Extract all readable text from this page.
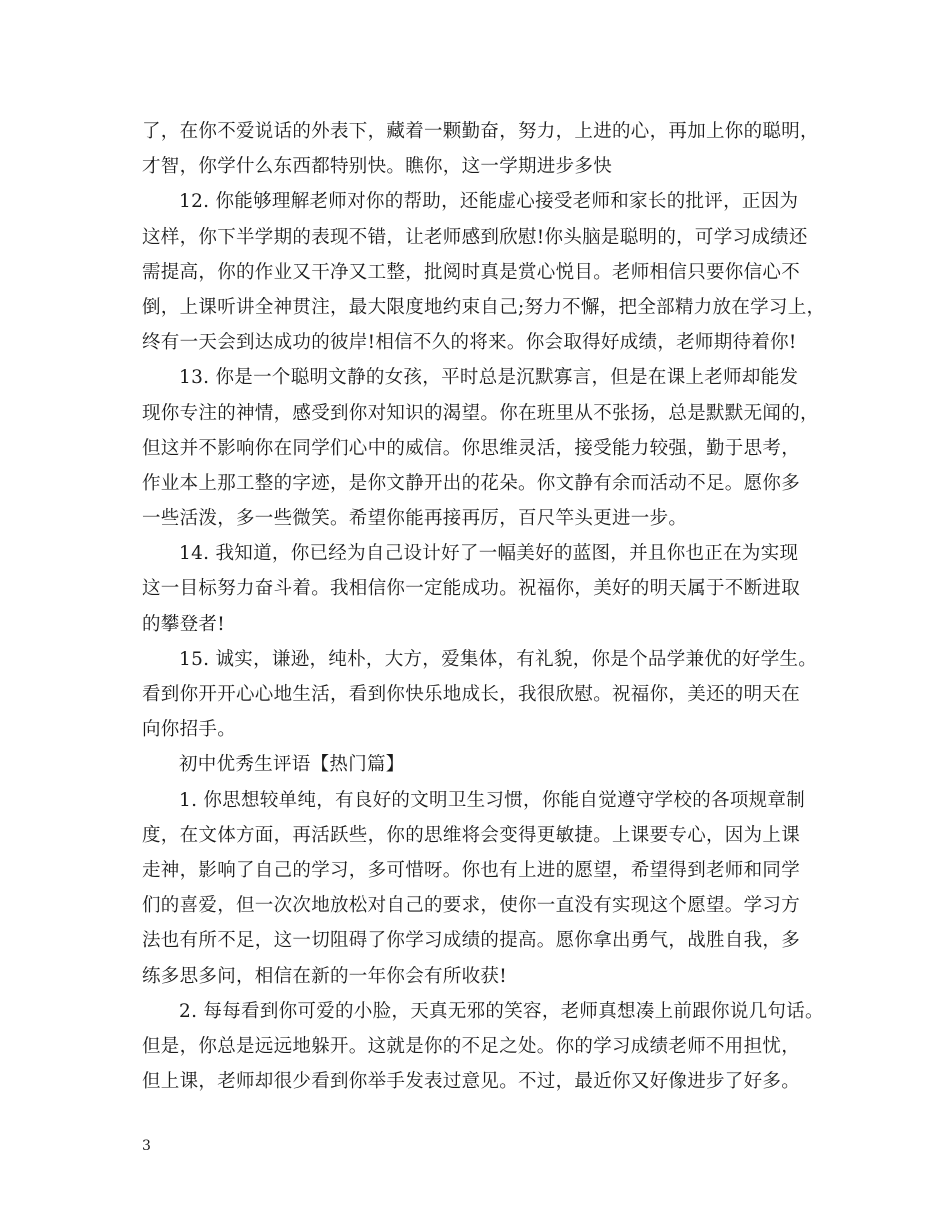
了，在你不爱说话的外表下，藏着一颗勤奋，努力，上进的心，再加上你的聪明，
才智，你学什么东西都特别快。瞧你，这一学期进步多快
12. 你能够理解老师对你的帮助，还能虚心接受老师和家长的批评，正因为
这样，你下半学期的表现不错，让老师感到欣慰!你头脑是聪明的，可学习成绩还
需提高，你的作业又干净又工整，批阅时真是赏心悦目。老师相信只要你信心不
倒，上课听讲全神贯注，最大限度地约束自己;努力不懈，把全部精力放在学习上，
终有一天会到达成功的彼岸!相信不久的将来。你会取得好成绩，老师期待着你!
13. 你是一个聪明文静的女孩，平时总是沉默寡言，但是在课上老师却能发
现你专注的神情，感受到你对知识的渴望。你在班里从不张扬，总是默默无闻的，
但这并不影响你在同学们心中的威信。你思维灵活，接受能力较强，勤于思考，
作业本上那工整的字迹，是你文静开出的花朵。你文静有余而活动不足。愿你多
一些活泼，多一些微笑。希望你能再接再厉，百尺竿头更进一步。
14. 我知道，你已经为自己设计好了一幅美好的蓝图，并且你也正在为实现
这一目标努力奋斗着。我相信你一定能成功。祝福你，美好的明天属于不断进取
的攀登者!
15. 诚实，谦逊，纯朴，大方，爱集体，有礼貌，你是个品学兼优的好学生。
看到你开开心心地生活，看到你快乐地成长，我很欣慰。祝福你，美还的明天在
向你招手。
初中优秀生评语【热门篇】
1. 你思想较单纯，有良好的文明卫生习惯，你能自觉遵守学校的各项规章制
度，在文体方面，再活跃些，你的思维将会变得更敏捷。上课要专心，因为上课
走神，影响了自己的学习，多可惜呀。你也有上进的愿望，希望得到老师和同学
们的喜爱，但一次次地放松对自己的要求，使你一直没有实现这个愿望。学习方
法也有所不足，这一切阻碍了你学习成绩的提高。愿你拿出勇气，战胜自我，多
练多思多问，相信在新的一年你会有所收获!
2. 每每看到你可爱的小脸，天真无邪的笑容，老师真想凑上前跟你说几句话。
但是，你总是远远地躲开。这就是你的不足之处。你的学习成绩老师不用担忧，
但上课，老师却很少看到你举手发表过意见。不过，最近你又好像进步了好多。
3
